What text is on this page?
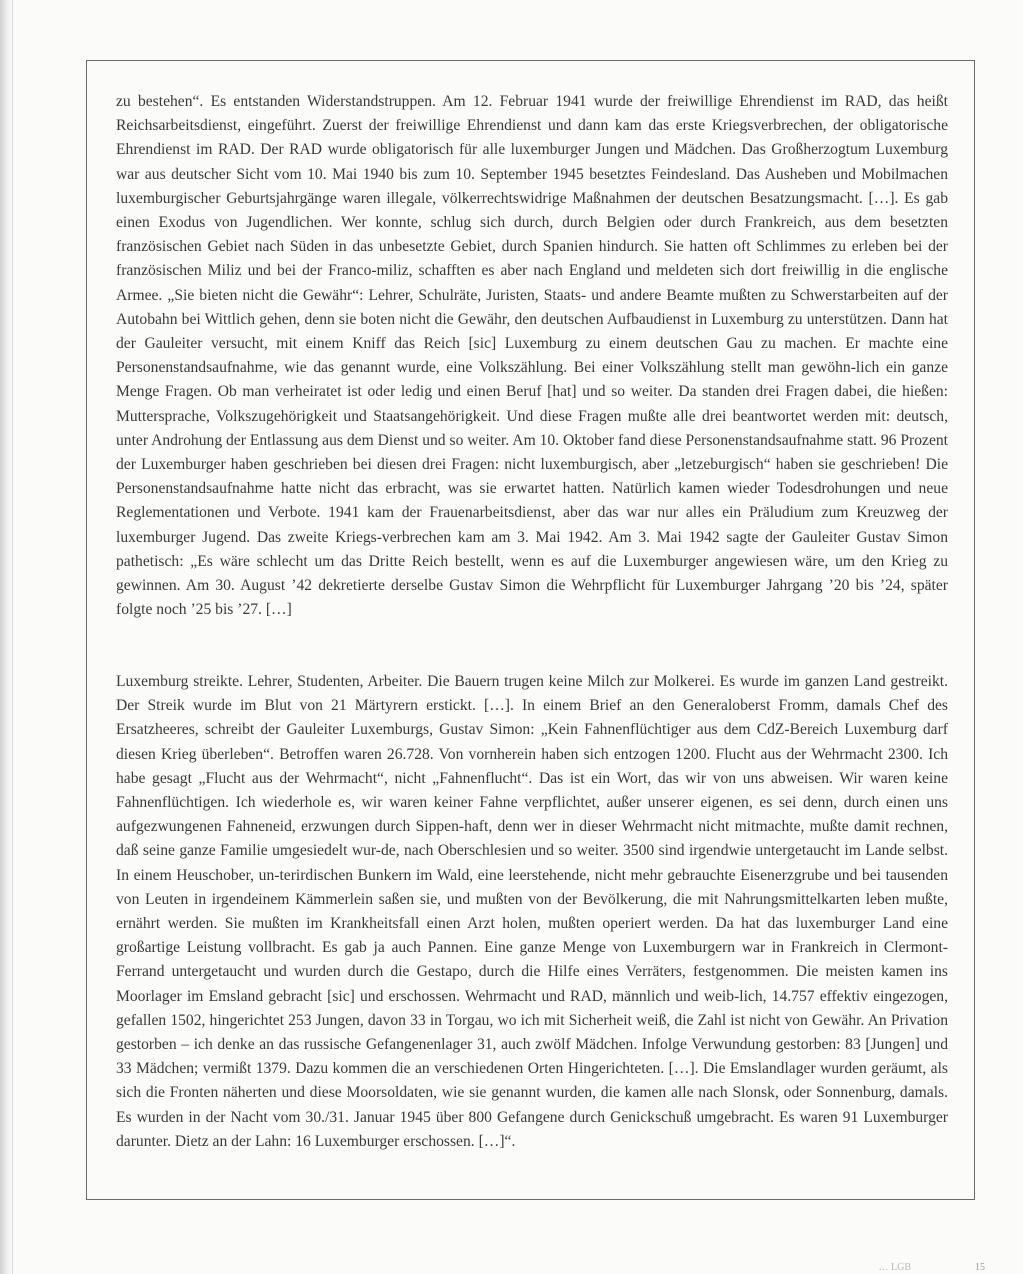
zu bestehen“. Es entstanden Widerstandstruppen. Am 12. Februar 1941 wurde der freiwillige Ehrendienst im RAD, das heißt Reichsarbeitsdienst, eingeführt. Zuerst der freiwillige Ehrendienst und dann kam das erste Kriegsverbrechen, der obligatorische Ehrendienst im RAD. Der RAD wurde obligatorisch für alle luxemburger Jungen und Mädchen. Das Großherzogtum Luxemburg war aus deutscher Sicht vom 10. Mai 1940 bis zum 10. September 1945 besetztes Feindesland. Das Ausheben und Mobilmachen luxemburgischer Geburtsjahrgänge waren illegale, völkerrechtswidrige Maßnahmen der deutschen Besatzungsmacht. […]. Es gab einen Exodus von Jugendlichen. Wer konnte, schlug sich durch, durch Belgien oder durch Frankreich, aus dem besetzten französischen Gebiet nach Süden in das unbesetzte Gebiet, durch Spanien hindurch. Sie hatten oft Schlimmes zu erleben bei der französischen Miliz und bei der Franco-miliz, schafften es aber nach England und meldeten sich dort freiwillig in die englische Armee. „Sie bieten nicht die Gewähr“: Lehrer, Schulräte, Juristen, Staats- und andere Beamte mußten zu Schwerstarbeiten auf der Autobahn bei Wittlich gehen, denn sie boten nicht die Gewähr, den deutschen Aufbaudienst in Luxemburg zu unterstützen. Dann hat der Gauleiter versucht, mit einem Kniff das Reich [sic] Luxemburg zu einem deutschen Gau zu machen. Er machte eine Personenstandsaufnahme, wie das genannt wurde, eine Volkszählung. Bei einer Volkszählung stellt man gewöhn-lich ein ganze Menge Fragen. Ob man verheiratet ist oder ledig und einen Beruf [hat] und so weiter. Da standen drei Fragen dabei, die hießen: Muttersprache, Volkszugehörigkeit und Staatsangehörigkeit. Und diese Fragen mußte alle drei beantwortet werden mit: deutsch, unter Androhung der Entlassung aus dem Dienst und so weiter. Am 10. Oktober fand diese Personenstandsaufnahme statt. 96 Prozent der Luxemburger haben geschrieben bei diesen drei Fragen: nicht luxemburgisch, aber „letzeburgisch“ haben sie geschrieben! Die Personenstandsaufnahme hatte nicht das erbracht, was sie erwartet hatten. Natürlich kamen wieder Todesdrohungen und neue Reglementationen und Verbote. 1941 kam der Frauenarbeitsdienst, aber das war nur alles ein Präludium zum Kreuzweg der luxemburger Jugend. Das zweite Kriegs-verbrechen kam am 3. Mai 1942. Am 3. Mai 1942 sagte der Gauleiter Gustav Simon pathetisch: „Es wäre schlecht um das Dritte Reich bestellt, wenn es auf die Luxemburger angewiesen wäre, um den Krieg zu gewinnen. Am 30. August ’42 dekretierte derselbe Gustav Simon die Wehrpflicht für Luxemburger Jahrgang ’20 bis ’24, später folgte noch ’25 bis ’27. […]

Luxemburg streikte. Lehrer, Studenten, Arbeiter. Die Bauern trugen keine Milch zur Molkerei. Es wurde im ganzen Land gestreikt. Der Streik wurde im Blut von 21 Märtyrern erstickt. […]. In einem Brief an den Generaloberst Fromm, damals Chef des Ersatzheeres, schreibt der Gauleiter Luxemburgs, Gustav Simon: „Kein Fahnenflüchtiger aus dem CdZ-Bereich Luxemburg darf diesen Krieg überleben“. Betroffen waren 26.728. Von vornherein haben sich entzogen 1200. Flucht aus der Wehrmacht 2300. Ich habe gesagt „Flucht aus der Wehrmacht“, nicht „Fahnenflucht“. Das ist ein Wort, das wir von uns abweisen. Wir waren keine Fahnenflüchtigen. Ich wiederhole es, wir waren keiner Fahne verpflichtet, außer unserer eigenen, es sei denn, durch einen uns aufgezwungenen Fahneneid, erzwungen durch Sippen-haft, denn wer in dieser Wehrmacht nicht mitmachte, mußte damit rechnen, daß seine ganze Familie umgesiedelt wur-de, nach Oberschlesien und so weiter. 3500 sind irgendwie untergetaucht im Lande selbst. In einem Heuschober, un-terirdischen Bunkern im Wald, eine leerstehende, nicht mehr gebrauchte Eisenerzgrube und bei tausenden von Leuten in irgendeinem Kämmerlein saßen sie, und mußten von der Bevölkerung, die mit Nahrungsmittelkarten leben mußte, ernährt werden. Sie mußten im Krankheitsfall einen Arzt holen, mußten operiert werden. Da hat das luxemburger Land eine großartige Leistung vollbracht. Es gab ja auch Pannen. Eine ganze Menge von Luxemburgern war in Frankreich in Clermont-Ferrand untergetaucht und wurden durch die Gestapo, durch die Hilfe eines Verräters, festgenommen. Die meisten kamen ins Moorlager im Emsland gebracht [sic] und erschossen. Wehrmacht und RAD, männlich und weib-lich, 14.757 effektiv eingezogen, gefallen 1502, hingerichtet 253 Jungen, davon 33 in Torgau, wo ich mit Sicherheit weiß, die Zahl ist nicht von Gewähr. An Privation gestorben – ich denke an das russische Gefangenenlager 31, auch zwölf Mädchen. Infolge Verwundung gestorben: 83 [Jungen] und 33 Mädchen; vermißt 1379. Dazu kommen die an verschiedenen Orten Hingerichteten. […]. Die Emslandlager wurden geräumt, als sich die Fronten näherten und diese Moorsoldaten, wie sie genannt wurden, die kamen alle nach Slonsk, oder Sonnenburg, damals. Es wurden in der Nacht vom 30./31. Januar 1945 über 800 Gefangene durch Genickschuß umgebracht. Es waren 91 Luxemburger darunter. Dietz an der Lahn: 16 Luxemburger erschossen. […]“.

… LGB	15
